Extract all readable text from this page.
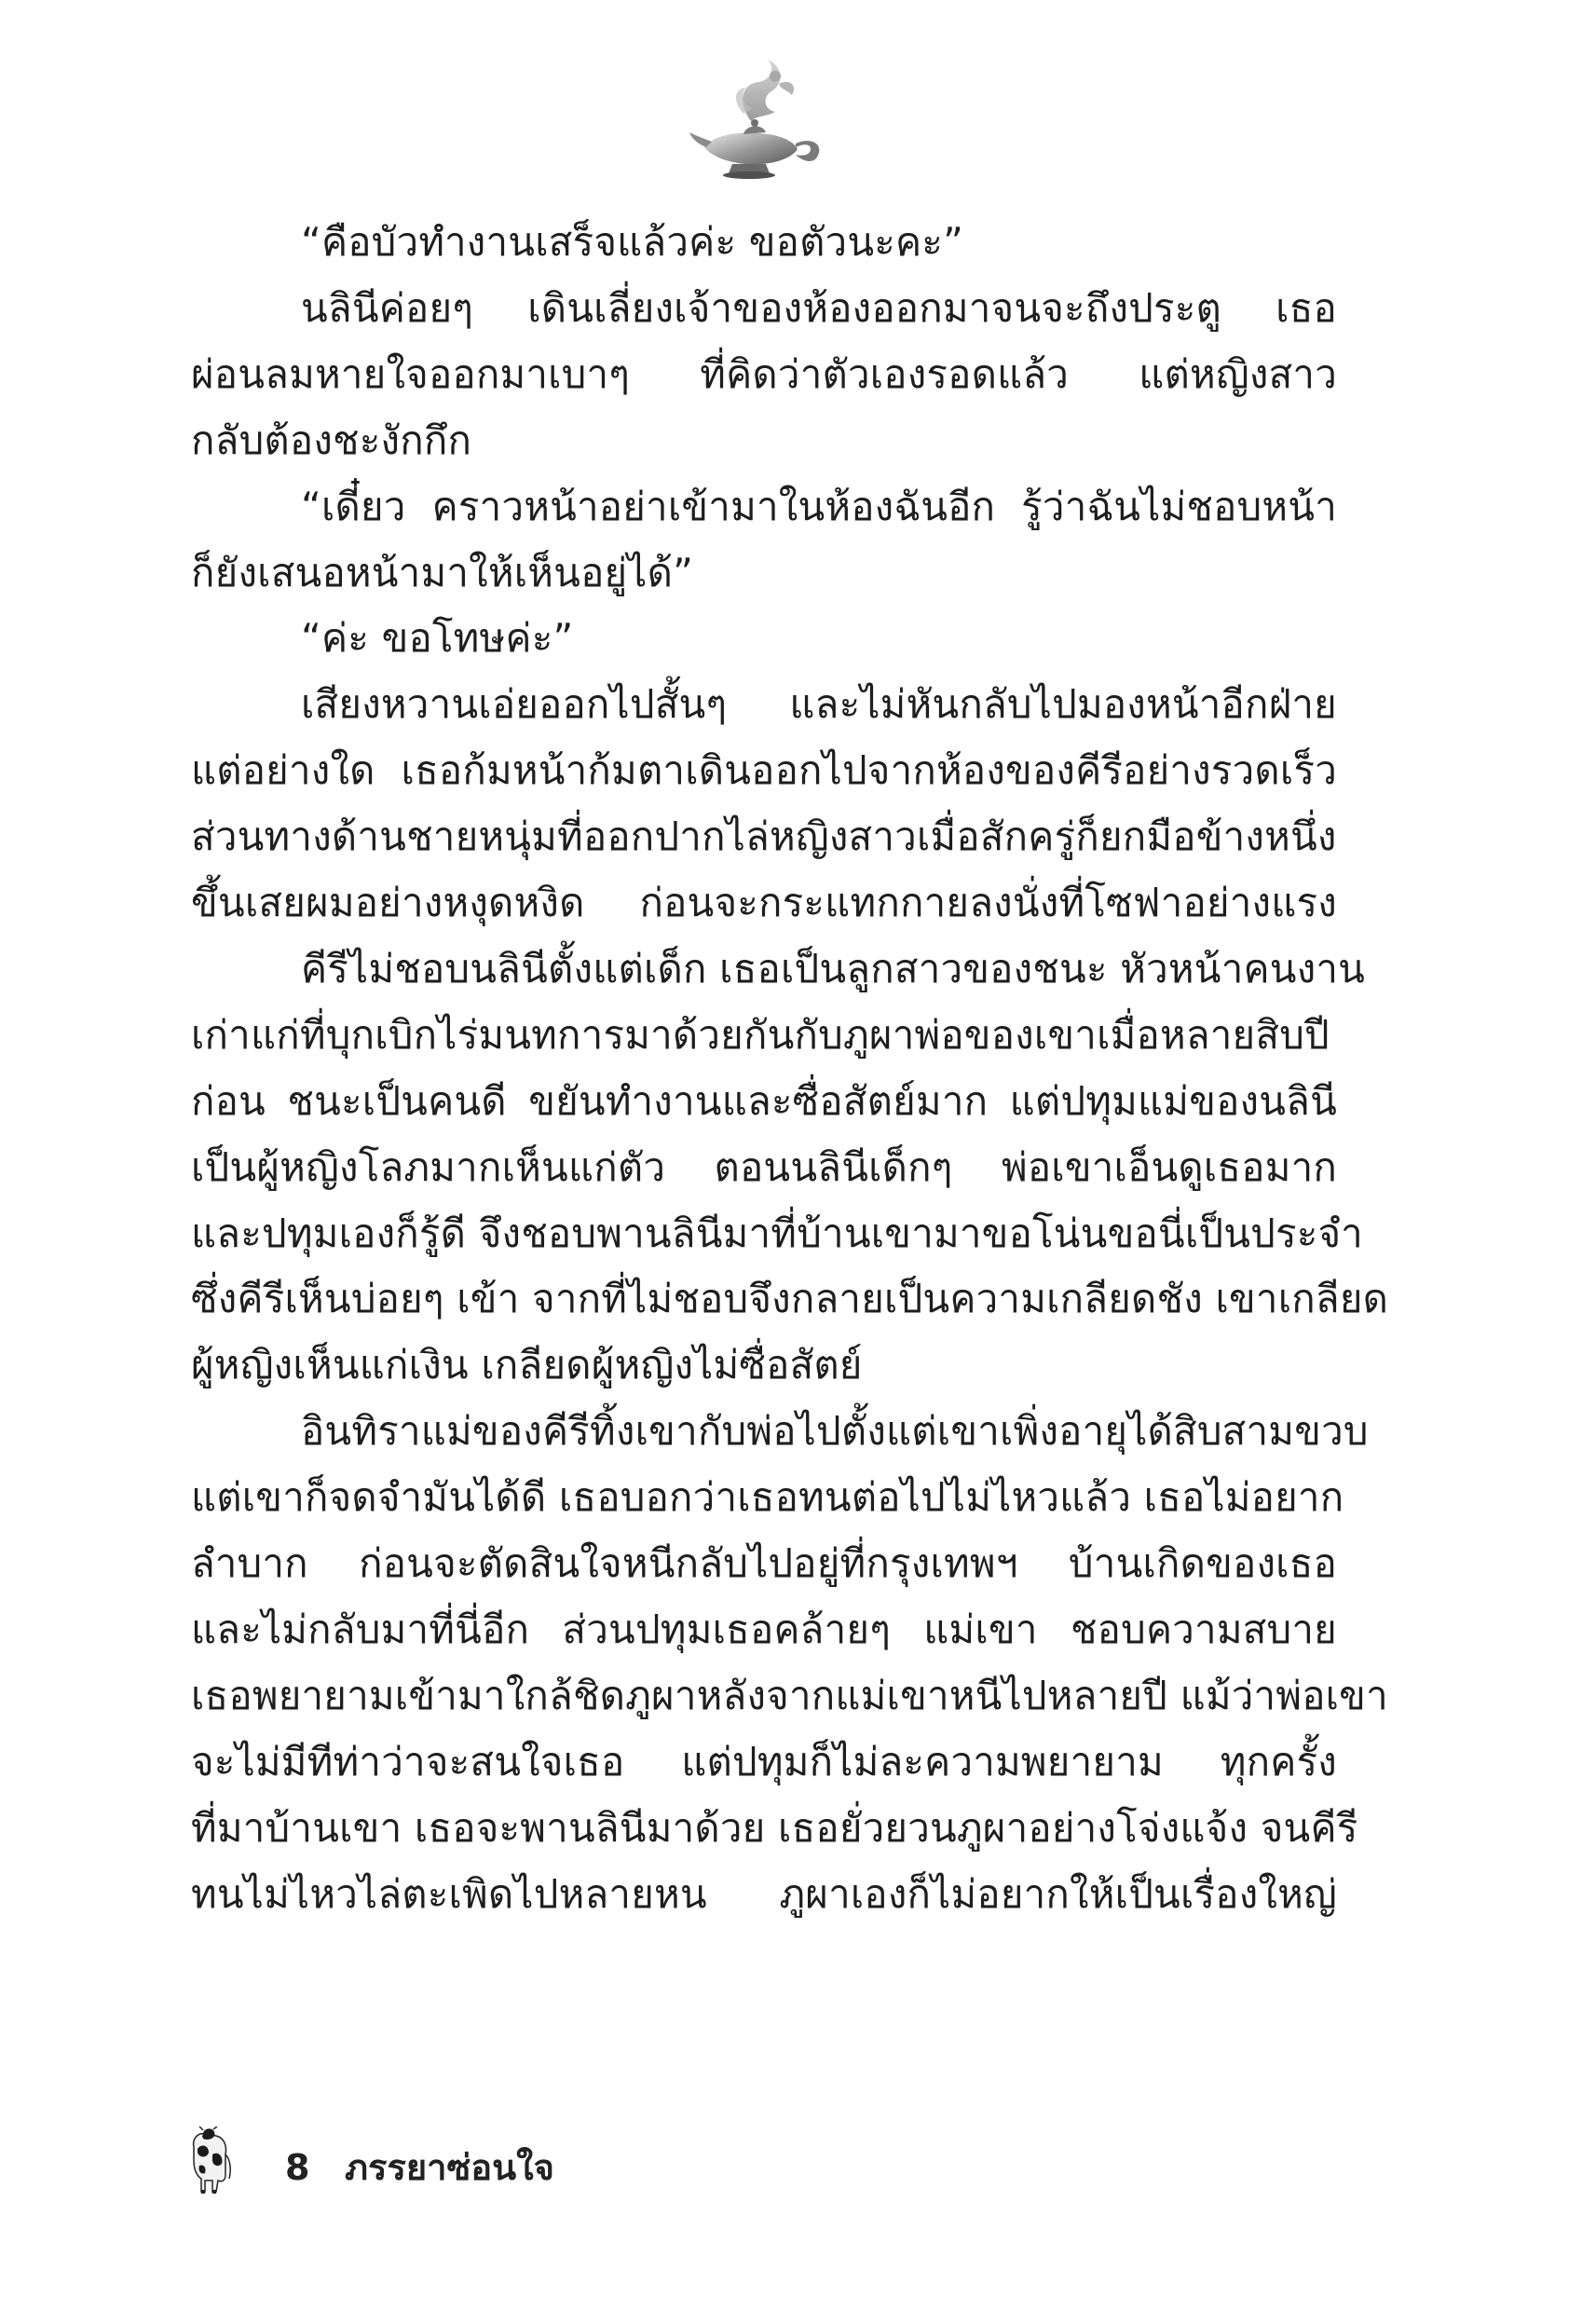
“คือบัวทำงานเสร็จแล้วค่ะ ขอตัวนะคะ”
นลินีค่อยๆ เดินเลี่ยงเจ้าของห้องออกมาจนจะถึงประตู เธอ
ผ่อนลมหายใจออกมาเบาๆ ที่คิดว่าตัวเองรอดแล้ว แต่หญิงสาว
กลับต้องชะงักกึก
“เดี๋ยว คราวหน้าอย่าเข้ามาในห้องฉันอีก รู้ว่าฉันไม่ชอบหน้า
ก็ยังเสนอหน้ามาให้เห็นอยู่ได้”
“ค่ะ ขอโทษค่ะ”
เสียงหวานเอ่ยออกไปสั้นๆ และไม่หันกลับไปมองหน้าอีกฝ่าย
แต่อย่างใด เธอก้มหน้าก้มตาเดินออกไปจากห้องของคีรีอย่างรวดเร็ว
ส่วนทางด้านชายหนุ่มที่ออกปากไล่หญิงสาวเมื่อสักครู่ก็ยกมือข้างหนึ่ง
ขึ้นเสยผมอย่างหงุดหงิด ก่อนจะกระแทกกายลงนั่งที่โซฟาอย่างแรง
คีรีไม่ชอบนลินีตั้งแต่เด็ก เธอเป็นลูกสาวของชนะ หัวหน้าคนงาน
เก่าแก่ที่บุกเบิกไร่มนทการมาด้วยกันกับภูผาพ่อของเขาเมื่อหลายสิบปี
ก่อน ชนะเป็นคนดี ขยันทำงานและซื่อสัตย์มาก แต่ปทุมแม่ของนลินี
เป็นผู้หญิงโลภมากเห็นแก่ตัว ตอนนลินีเด็กๆ พ่อเขาเอ็นดูเธอมาก
และปทุมเองก็รู้ดี จึงชอบพานลินีมาที่บ้านเขามาขอโน่นขอนี่เป็นประจำ
ซึ่งคีรีเห็นบ่อยๆ เข้า จากที่ไม่ชอบจึงกลายเป็นความเกลียดชัง เขาเกลียด
ผู้หญิงเห็นแก่เงิน เกลียดผู้หญิงไม่ซื่อสัตย์
อินทิราแม่ของคีรีทิ้งเขากับพ่อไปตั้งแต่เขาเพิ่งอายุได้สิบสามขวบ
แต่เขาก็จดจำมันได้ดี เธอบอกว่าเธอทนต่อไปไม่ไหวแล้ว เธอไม่อยาก
ลำบาก ก่อนจะตัดสินใจหนีกลับไปอยู่ที่กรุงเทพฯ บ้านเกิดของเธอ
และไม่กลับมาที่นี่อีก ส่วนปทุมเธอคล้ายๆ แม่เขา ชอบความสบาย
เธอพยายามเข้ามาใกล้ชิดภูผาหลังจากแม่เขาหนีไปหลายปี แม้ว่าพ่อเขา
จะไม่มีทีท่าว่าจะสนใจเธอ แต่ปทุมก็ไม่ละความพยายาม ทุกครั้ง
ที่มาบ้านเขา เธอจะพานลินีมาด้วย เธอยั่วยวนภูผาอย่างโจ่งแจ้ง จนคีรี
ทนไม่ไหวไล่ตะเพิดไปหลายหน ภูผาเองก็ไม่อยากให้เป็นเรื่องใหญ่
8 ภรรยาซ่อนใจ
